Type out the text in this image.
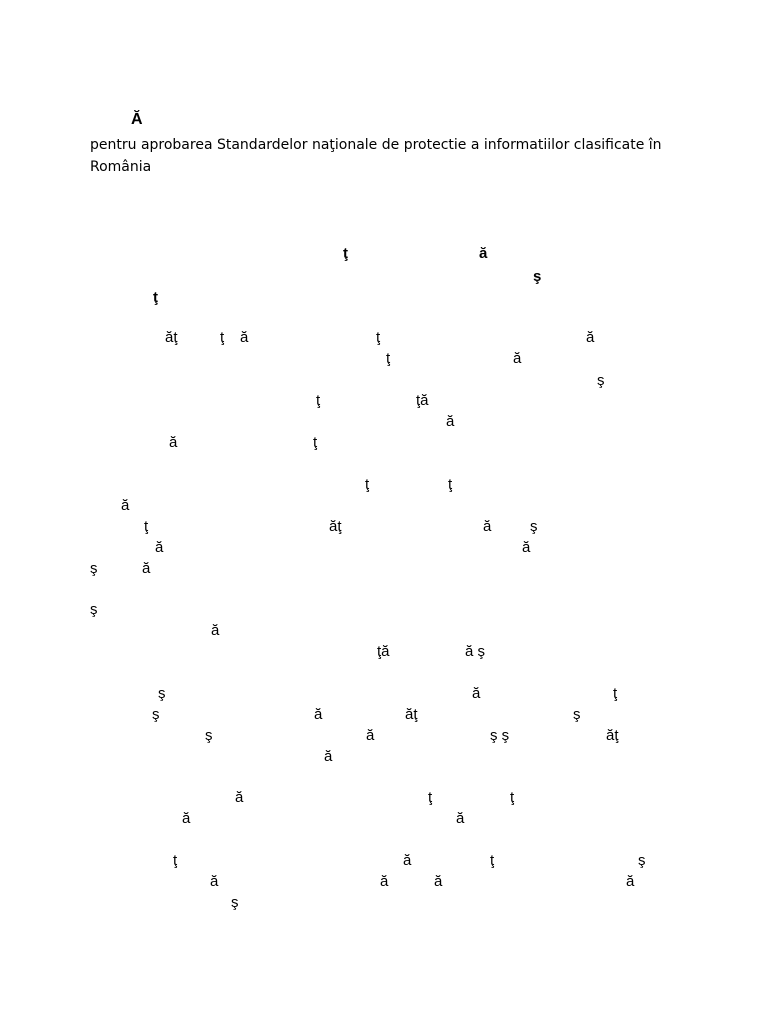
Ă

pentru aprobarea Standardelor naţionale de protectie a informatiilor clasificate în România

ţ	ă
ş
ţ
ăţ	ţ ă	ţ	ă
ţ	ă
ş
ţ	ţă
ă
ă	ţ
ţ	ţ
ă
ţ	ăţ	ă	ş
ă	ă
ş	ă
ş
ă
ţă	ă ş
ş	ă	ţ
ş	ă	ăţ	ş
ş	ă	ş ş	ăţ
ă
ă	ţ	ţ
ă	ă
ţ	ă	ţ	ş
ă	ă	ă	ă
ş
